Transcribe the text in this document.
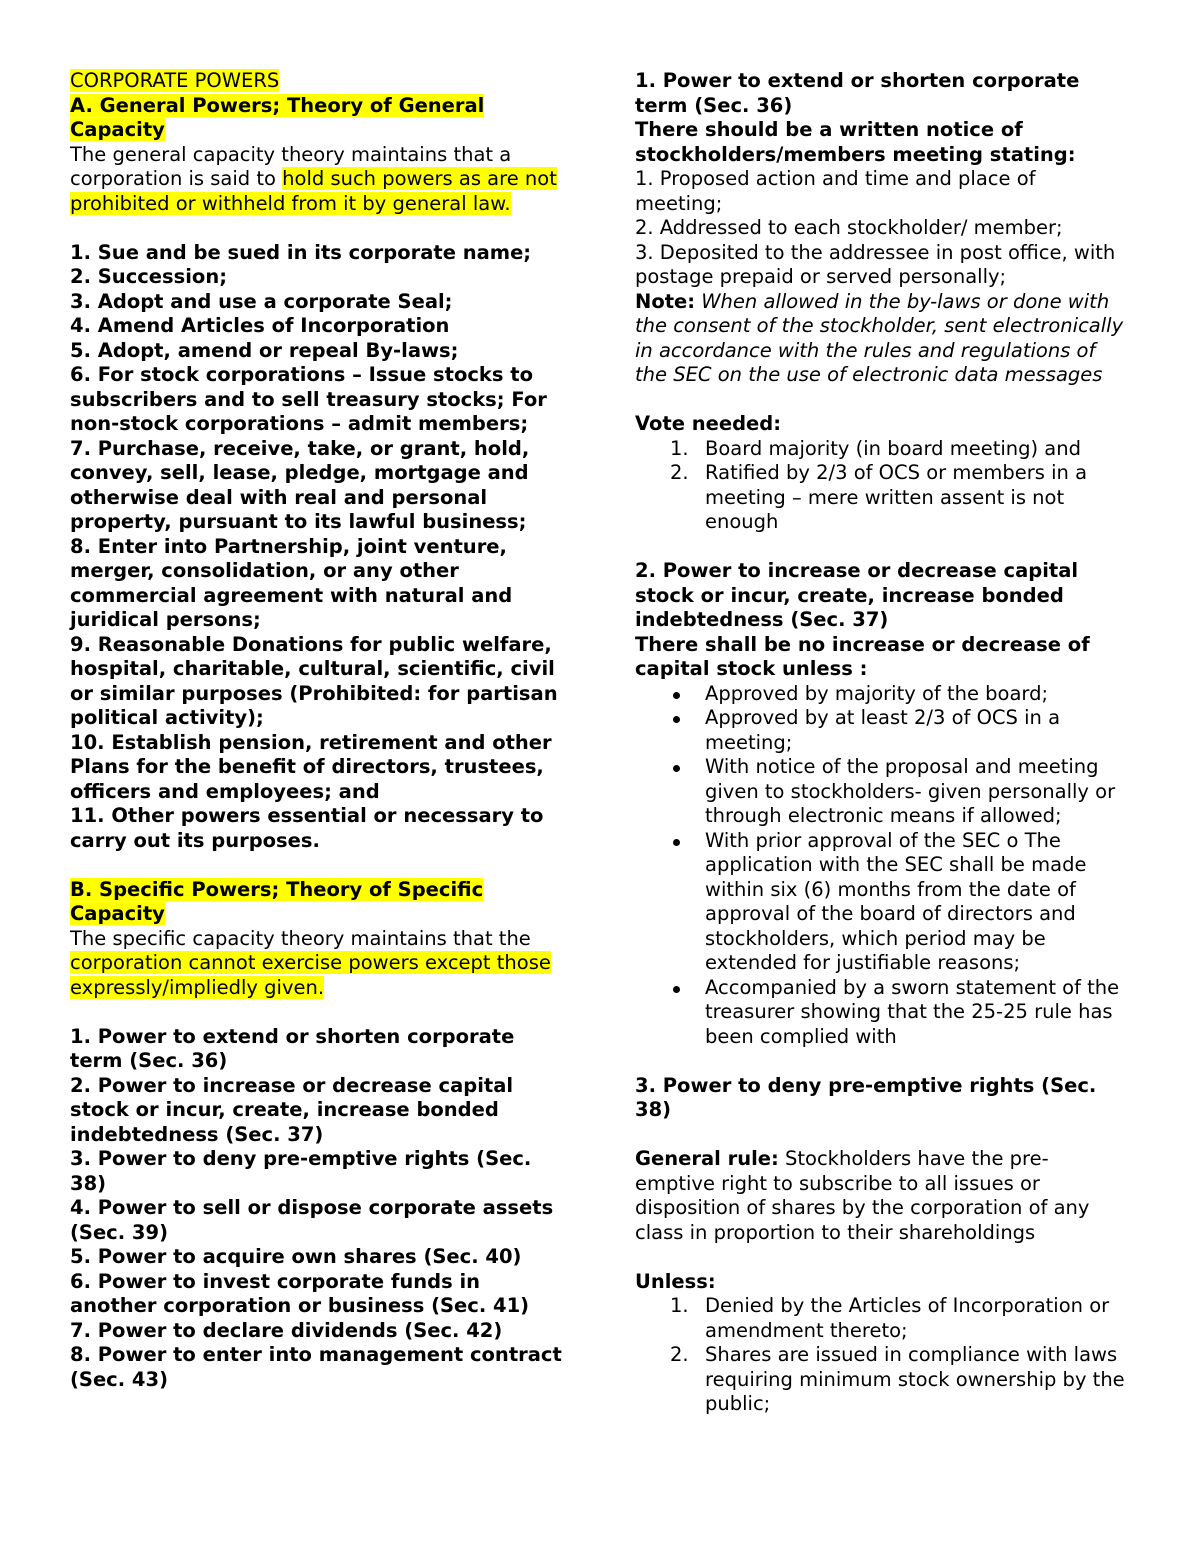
CORPORATE POWERS
A. General Powers; Theory of General
Capacity
The general capacity theory maintains that a
corporation is said to hold such powers as are not
prohibited or withheld from it by general law.
1. Sue and be sued in its corporate name;
2. Succession;
3. Adopt and use a corporate Seal;
4. Amend Articles of Incorporation
5. Adopt, amend or repeal By-laws;
6. For stock corporations – Issue stocks to
subscribers and to sell treasury stocks; For
non-stock corporations – admit members;
7. Purchase, receive, take, or grant, hold,
convey, sell, lease, pledge, mortgage and
otherwise deal with real and personal
property, pursuant to its lawful business;
8. Enter into Partnership, joint venture,
merger, consolidation, or any other
commercial agreement with natural and
juridical persons;
9. Reasonable Donations for public welfare,
hospital, charitable, cultural, scientific, civil
or similar purposes (Prohibited: for partisan
political activity);
10. Establish pension, retirement and other
Plans for the benefit of directors, trustees,
officers and employees; and
11. Other powers essential or necessary to
carry out its purposes.
B. Specific Powers; Theory of Specific
Capacity
The specific capacity theory maintains that the
corporation cannot exercise powers except those
expressly/impliedly given.
1. Power to extend or shorten corporate
term (Sec. 36)
2. Power to increase or decrease capital
stock or incur, create, increase bonded
indebtedness (Sec. 37)
3. Power to deny pre-emptive rights (Sec.
38)
4. Power to sell or dispose corporate assets
(Sec. 39)
5. Power to acquire own shares (Sec. 40)
6. Power to invest corporate funds in
another corporation or business (Sec. 41)
7. Power to declare dividends (Sec. 42)
8. Power to enter into management contract
(Sec. 43)
1. Power to extend or shorten corporate
term (Sec. 36)
There should be a written notice of
stockholders/members meeting stating:
1. Proposed action and time and place of
meeting;
2. Addressed to each stockholder/ member;
3. Deposited to the addressee in post office, with
postage prepaid or served personally;
Note: When allowed in the by-laws or done with
the consent of the stockholder, sent electronically
in accordance with the rules and regulations of
the SEC on the use of electronic data messages
Vote needed:
1. Board majority (in board meeting) and
2. Ratified by 2/3 of OCS or members in a
meeting – mere written assent is not
enough
2. Power to increase or decrease capital
stock or incur, create, increase bonded
indebtedness (Sec. 37)
There shall be no increase or decrease of
capital stock unless :
Approved by majority of the board;
Approved by at least 2/3 of OCS in a
meeting;
With notice of the proposal and meeting
given to stockholders- given personally or
through electronic means if allowed;
With prior approval of the SEC o The
application with the SEC shall be made
within six (6) months from the date of
approval of the board of directors and
stockholders, which period may be
extended for justifiable reasons;
Accompanied by a sworn statement of the
treasurer showing that the 25-25 rule has
been complied with
3. Power to deny pre-emptive rights (Sec.
38)
General rule: Stockholders have the pre-
emptive right to subscribe to all issues or
disposition of shares by the corporation of any
class in proportion to their shareholdings
Unless:
1. Denied by the Articles of Incorporation or
amendment thereto;
2. Shares are issued in compliance with laws
requiring minimum stock ownership by the
public;
